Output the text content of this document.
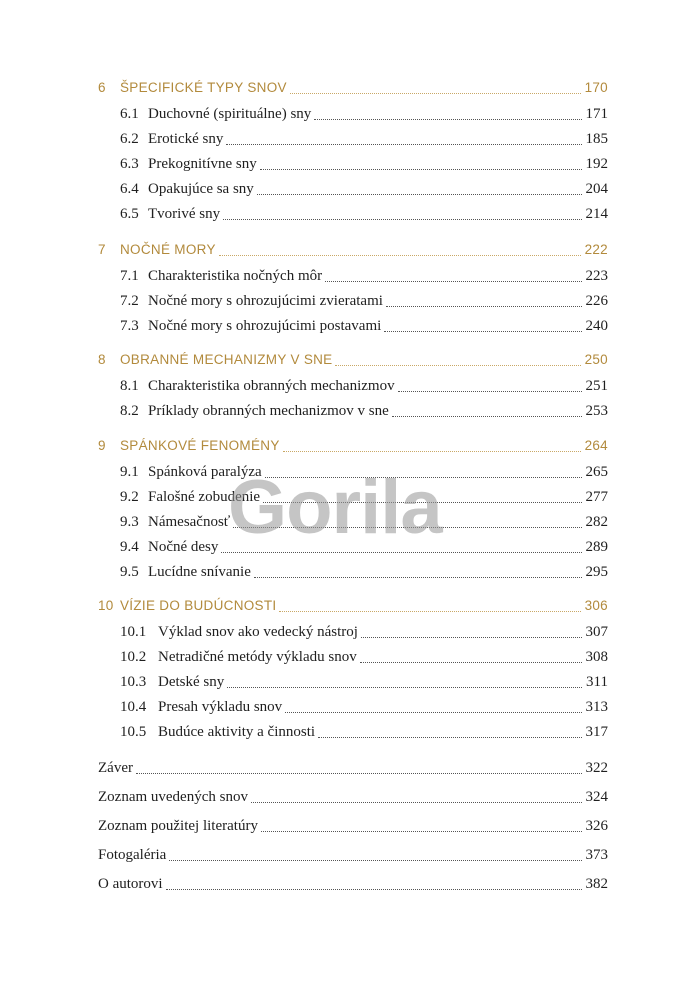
6	ŠPECIFICKÉ TYPY SNOV	170
6.1 Duchovné (spirituálne) sny	171
6.2 Erotické sny	185
6.3 Prekognitívne sny	192
6.4 Opakujúce sa sny	204
6.5 Tvorivé sny	214
7	NOČNÉ MORY	222
7.1 Charakteristika nočných môr	223
7.2 Nočné mory s ohrozujúcimi zvieratami	226
7.3 Nočné mory s ohrozujúcimi postavami	240
8	OBRANNÉ MECHANIZMY V SNE	250
8.1 Charakteristika obranných mechanizmov	251
8.2 Príklady obranných mechanizmov v sne	253
9	SPÁNKOVÉ FENOMÉNY	264
9.1 Spánková paralýza	265
9.2 Falošné zobudenie	277
9.3 Námesačnosť	282
9.4 Nočné desy	289
9.5 Lucídne snívanie	295
10 VÍZIE DO BUDÚCNOSTI	306
10.1 Výklad snov ako vedecký nástroj	307
10.2 Netradičné metódy výkladu snov	308
10.3 Detské sny	311
10.4 Presah výkladu snov	313
10.5 Budúce aktivity a činnosti	317
Záver	322
Zoznam uvedených snov	324
Zoznam použitej literatúry	326
Fotogaléria	373
O autorovi	382
Gorila
